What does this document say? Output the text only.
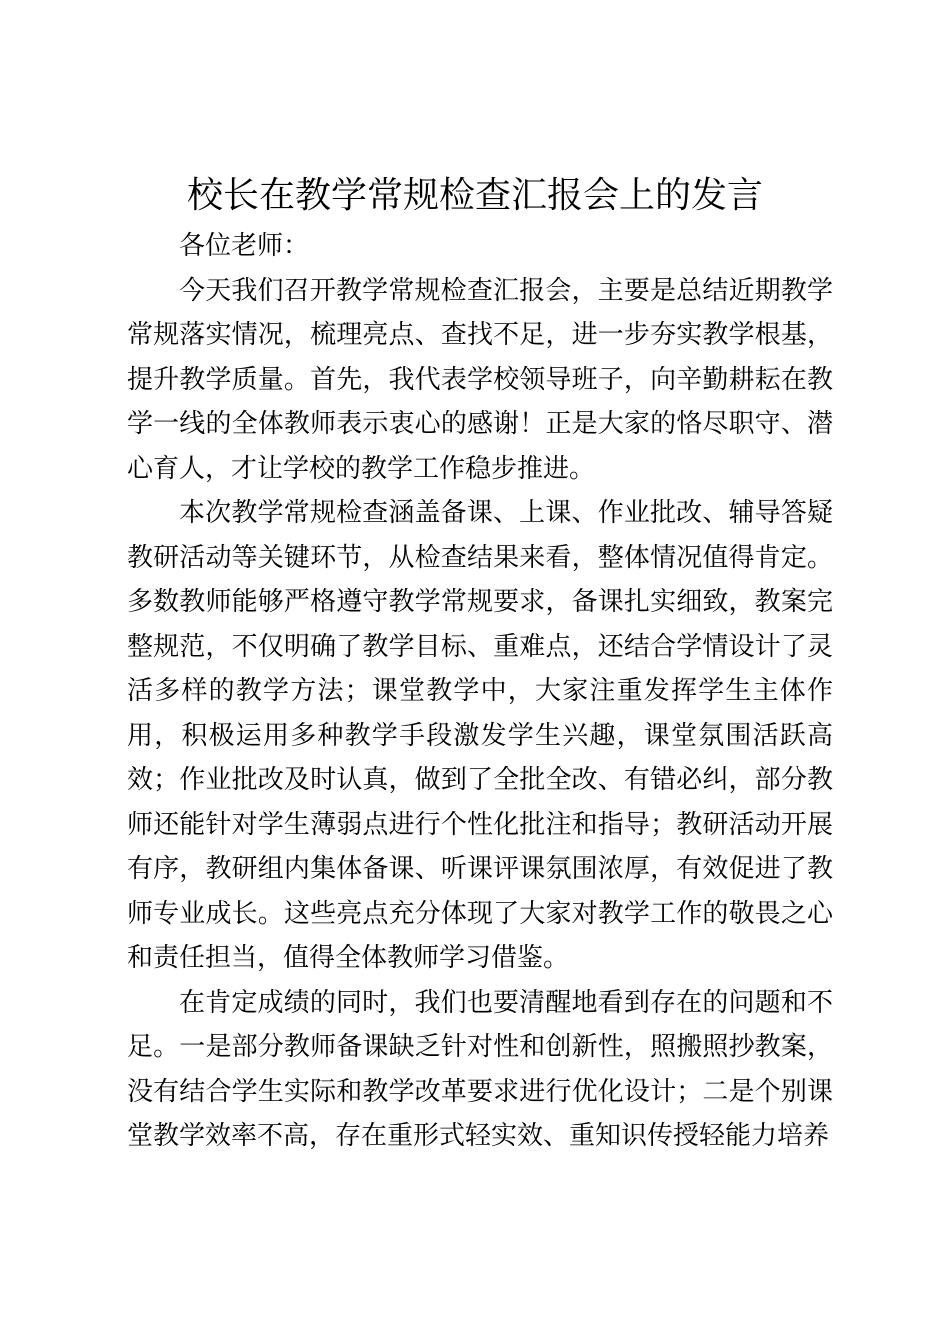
校长在教学常规检查汇报会上的发言

各位老师：

今天我们召开教学常规检查汇报会，主要是总结近期教学常规落实情况，梳理亮点、查找不足，进一步夯实教学根基，提升教学质量。首先，我代表学校领导班子，向辛勤耕耘在教学一线的全体教师表示衷心的感谢！正是大家的恪尽职守、潜心育人，才让学校的教学工作稳步推进。

本次教学常规检查涵盖备课、上课、作业批改、辅导答疑教研活动等关键环节，从检查结果来看，整体情况值得肯定。多数教师能够严格遵守教学常规要求，备课扎实细致，教案完整规范，不仅明确了教学目标、重难点，还结合学情设计了灵活多样的教学方法；课堂教学中，大家注重发挥学生主体作用，积极运用多种教学手段激发学生兴趣，课堂氛围活跃高效；作业批改及时认真，做到了全批全改、有错必纠，部分教师还能针对学生薄弱点进行个性化批注和指导；教研活动开展有序，教研组内集体备课、听课评课氛围浓厚，有效促进了教师专业成长。这些亮点充分体现了大家对教学工作的敬畏之心和责任担当，值得全体教师学习借鉴。

在肯定成绩的同时，我们也要清醒地看到存在的问题和不足。一是部分教师备课缺乏针对性和创新性，照搬照抄教案，没有结合学生实际和教学改革要求进行优化设计；二是个别课堂教学效率不高，存在重形式轻实效、重知识传授轻能力培养
